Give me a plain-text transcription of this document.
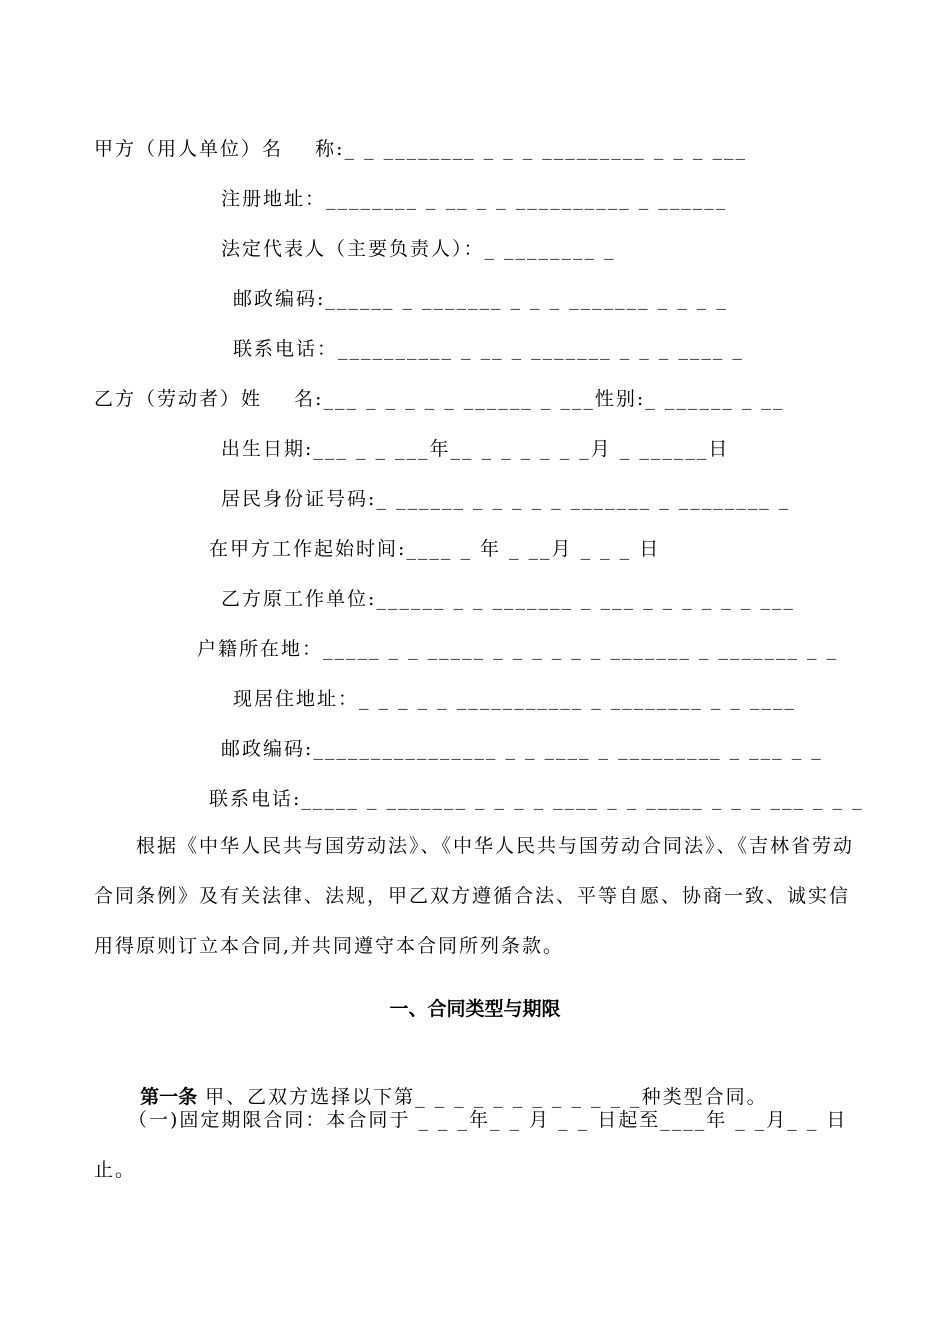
甲方（用人单位）名    称:_ _ ________ _ _ _ _________ _ _ _ ___
注册地址：________ _ __ _ _ __________ _ ______
法定代表人（主要负责人）：_ ________ _
邮政编码:______ _ _______ _ _ _ _______ _ _ _ _
联系电话：__________ _ __ _ _______ _ _ _ ____ _
乙方（劳动者）姓    名:___ _ _ _ _ _ ______ _ ___性别:_ ______ _ __
出生日期:___ _ _ ___年__ _ _ _ _ _ _月 _ ______日
居民身份证号码:_ ______ _ _ _ _ _ _______ _ ________ _
在甲方工作起始时间:____ _ 年 _ __月 _ _ _ 日
乙方原工作单位:______ _ _ _______ _ ___ _ _ _ _ _ _ ___
户籍所在地：_____ _ _ _____ _ _ _ _ _ _ _______ _ _______ _ _
现居住地址：_ _ _ _ _ ___________ _ ________ _ _ ____
邮政编码:________________ _ _ ____ _ _________ _ ___ _ _
联系电话:_____ _ _______ _ _ _ _ ____ _ _ _____ _ _ _ ___ _ _ _
根据《中华人民共与国劳动法》、《中华人民共与国劳动合同法》、《吉林省劳动合同条例》及有关法律、法规，甲乙双方遵循合法、平等自愿、协商一致、诚实信用得原则订立本合同,并共同遵守本合同所列条款。
一、合同类型与期限

第一条 甲、乙双方选择以下第_ _ _ _ _ _ _ _ _ _ _ _种类型合同。

（一)固定期限合同：本合同于 _ _ _年_ _ 月 _ _ 日起至____年 _ _月_ _ 日止。
